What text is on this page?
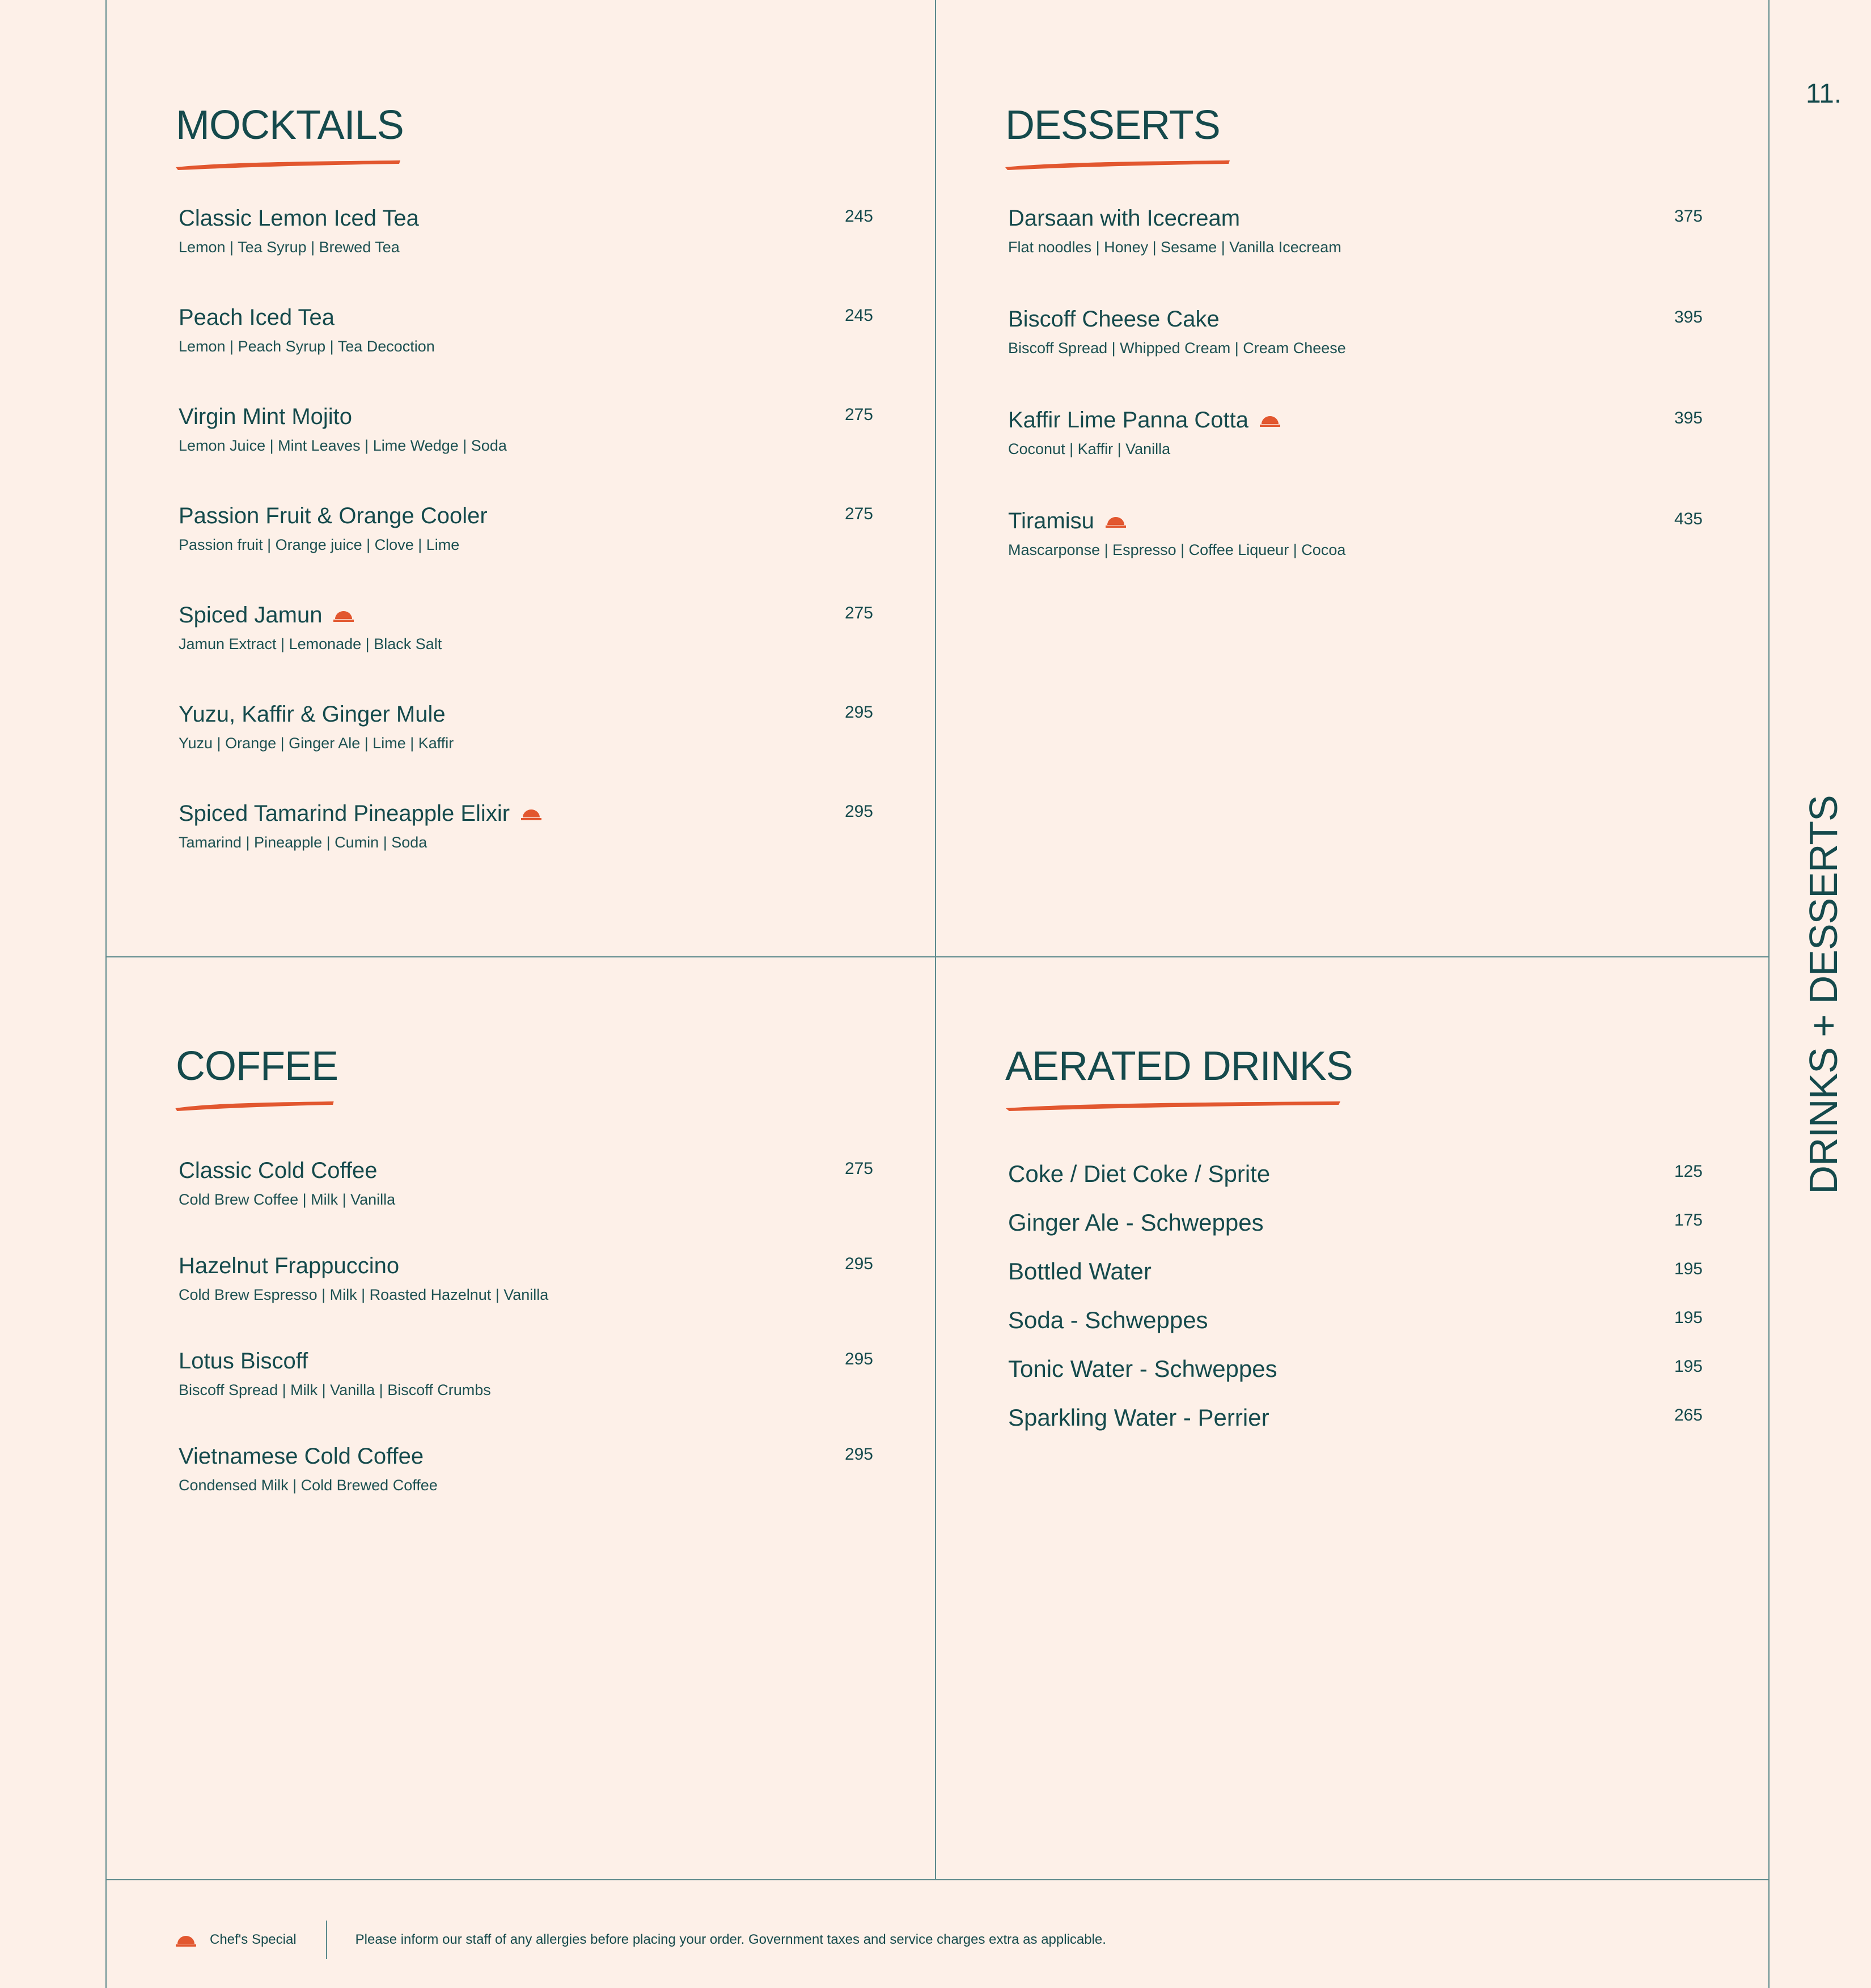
11.
DRINKS + DESSERTS
MOCKTAILS
Classic Lemon Iced Tea
Lemon | Tea Syrup | Brewed Tea
245
Peach Iced Tea
Lemon | Peach Syrup | Tea Decoction
245
Virgin Mint Mojito
Lemon Juice | Mint Leaves | Lime Wedge | Soda
275
Passion Fruit & Orange Cooler
Passion fruit | Orange juice | Clove | Lime
275
Spiced Jamun
Jamun Extract | Lemonade | Black Salt
275
Yuzu, Kaffir & Ginger Mule
Yuzu | Orange | Ginger Ale | Lime | Kaffir
295
Spiced Tamarind Pineapple Elixir
Tamarind | Pineapple | Cumin | Soda
295
DESSERTS
Darsaan with Icecream
Flat noodles | Honey | Sesame | Vanilla Icecream
375
Biscoff Cheese Cake
Biscoff Spread | Whipped Cream | Cream Cheese
395
Kaffir Lime Panna Cotta
Coconut | Kaffir | Vanilla
395
Tiramisu
Mascarponse | Espresso | Coffee Liqueur | Cocoa
435
COFFEE
Classic Cold Coffee
Cold Brew Coffee | Milk | Vanilla
275
Hazelnut Frappuccino
Cold Brew Espresso | Milk | Roasted Hazelnut | Vanilla
295
Lotus Biscoff
Biscoff Spread | Milk | Vanilla | Biscoff Crumbs
295
Vietnamese Cold Coffee
Condensed Milk | Cold Brewed Coffee
295
AERATED DRINKS
Coke / Diet Coke / Sprite	125
Ginger Ale - Schweppes	175
Bottled Water	195
Soda - Schweppes	195
Tonic Water - Schweppes	195
Sparkling Water - Perrier	265
Chef's Special	Please inform our staff of any allergies before placing your order. Government taxes and service charges extra as applicable.
